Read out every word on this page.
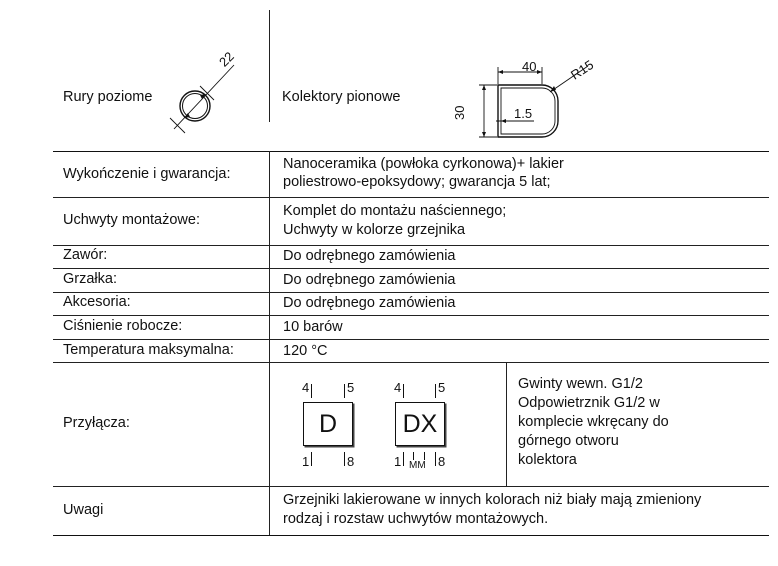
Rury poziome
22
Kolektory pionowe
40 R15
30	1.5
Wykończenie i gwarancja:
Nanoceramika (powłoka cyrkonowa)+ lakier
poliestrowo-epoksydowy; gwarancja 5 lat;
Uchwyty montażowe:
Komplet do montażu naściennego;
Uchwyty w kolorze grzejnika
Zawór:	Do odrębnego zamówienia
Grzałka:	Do odrębnego zamówienia
Akcesoria:	Do odrębnego zamówienia
Ciśnienie robocze:	10 barów
Temperatura maksymalna:	120 °C
Przyłącza:
4	5
D
1	8
4	5
DX
1 MM 8
Gwinty wewn. G1/2
Odpowietrznik G1/2 w
komplecie wkręcany do
górnego otworu
kolektora
Uwagi
Grzejniki lakierowane w innych kolorach niż biały mają zmieniony
rodzaj i rozstaw uchwytów montażowych.
